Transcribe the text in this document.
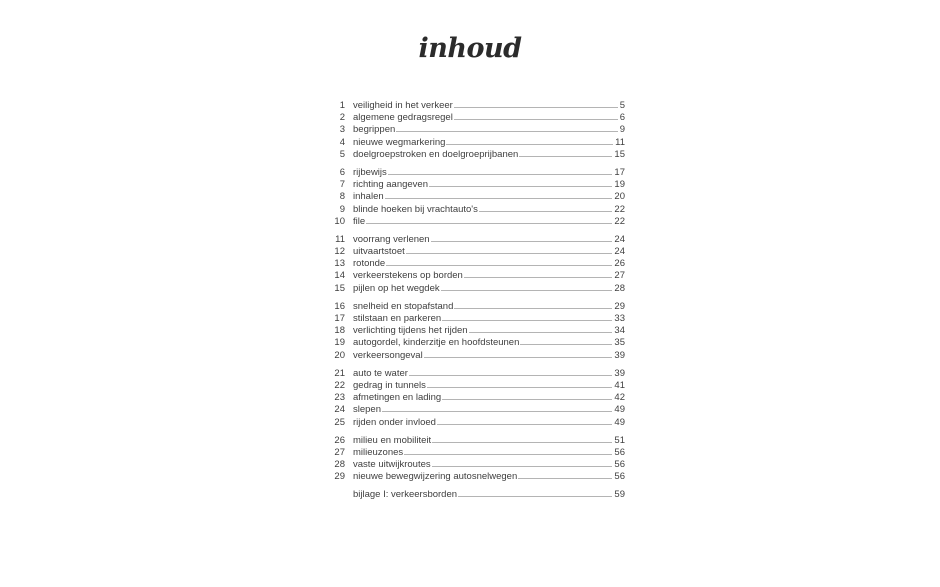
inhoud
1 veiligheid in het verkeer	5
2 algemene gedragsregel	6
3 begrippen	9
4 nieuwe wegmarkering	11
5 doelgroepstroken en doelgroeprijbanen	15
6 rijbewijs	17
7 richting aangeven	19
8 inhalen	20
9 blinde hoeken bij vrachtauto's	22
10 file	22
11 voorrang verlenen	24
12 uitvaartstoet	24
13 rotonde	26
14 verkeerstekens op borden	27
15 pijlen op het wegdek	28
16 snelheid en stopafstand	29
17 stilstaan en parkeren	33
18 verlichting tijdens het rijden	34
19 autogordel, kinderzitje en hoofdsteunen	35
20 verkeersongeval	39
21 auto te water	39
22 gedrag in tunnels	41
23 afmetingen en lading	42
24 slepen	49
25 rijden onder invloed	49
26 milieu en mobiliteit	51
27 milieuzones	56
28 vaste uitwijkroutes	56
29 nieuwe bewegwijzering autosnelwegen	56
bijlage I: verkeersborden	59
